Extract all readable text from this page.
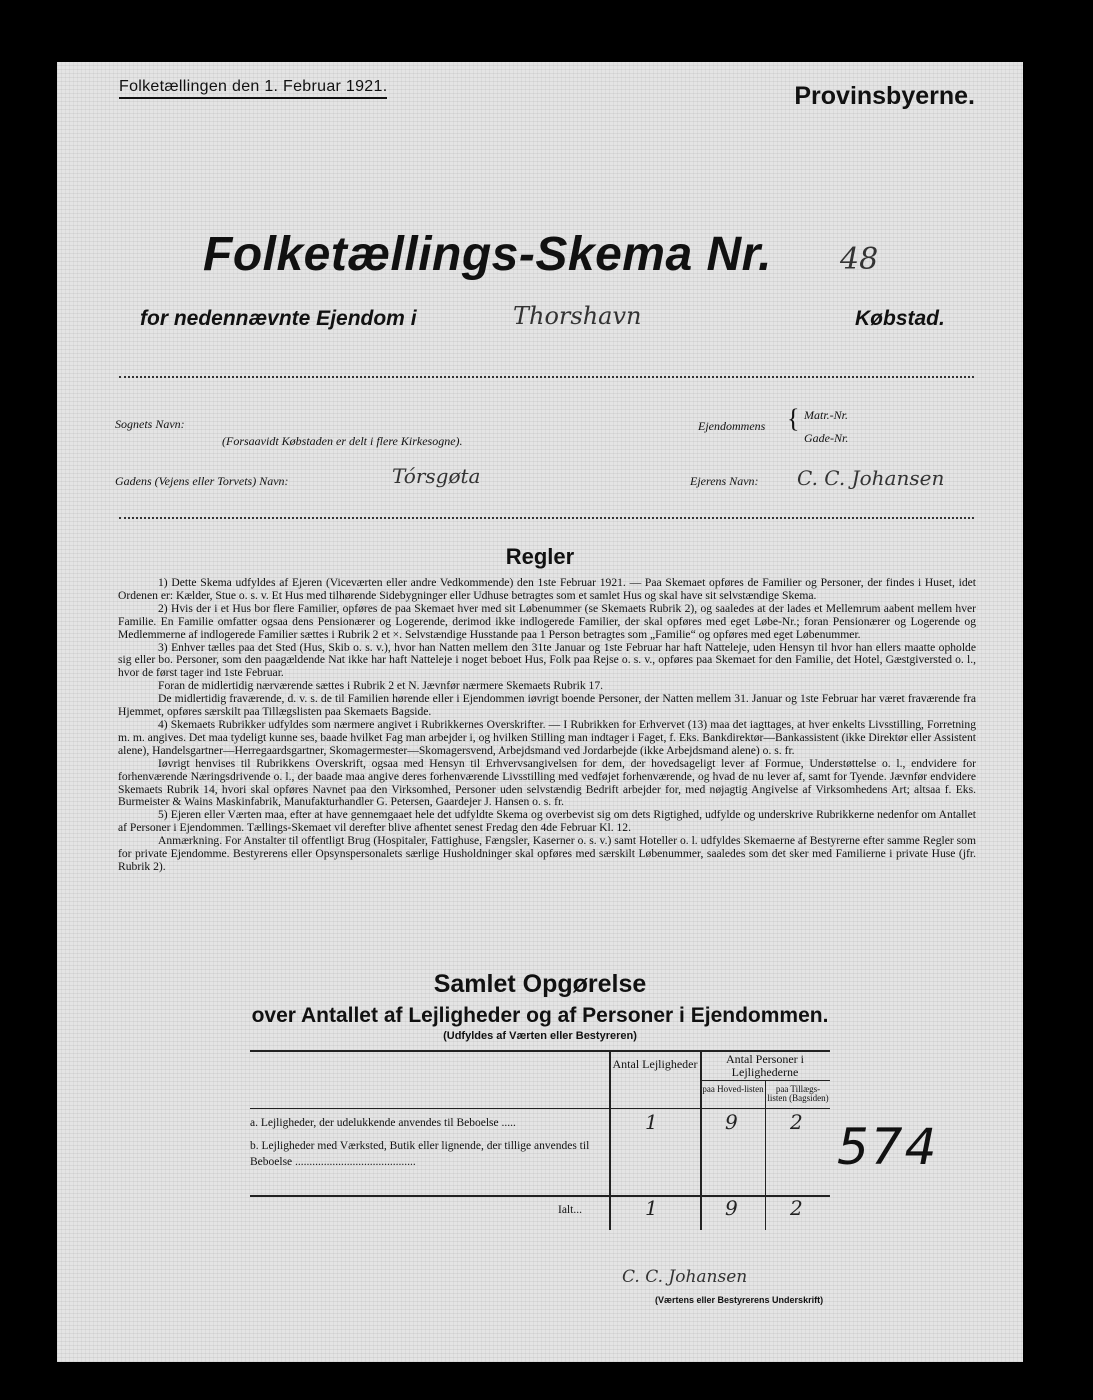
Folketællingen den 1. Februar 1921.	Provinsbyerne.
Folketællings-Skema Nr. 48
for nedennævnte Ejendom i	Thorshavn	Købstad.
Sognets Navn:
(Forsaavidt Købstaden er delt i flere Kirkesogne).
Ejendommens { Matr.-Nr.
Gade-Nr.
Gadens (Vejens eller Torvets) Navn:	Tórsgøta	Ejerens Navn: C. C. Johansen
Regler

1) Dette Skema udfyldes af Ejeren (Viceværten eller andre Vedkommende) den 1ste Februar 1921. — Paa Skemaet opføres de Familier og Personer, der findes i Huset, idet Ordenen er: Kælder, Stue o. s. v. Et Hus med tilhørende Sidebygninger eller Udhuse betragtes som et samlet Hus og skal have sit selvstændige Skema.

2) Hvis der i et Hus bor flere Familier, opføres de paa Skemaet hver med sit Løbenummer (se Skemaets Rubrik 2), og saaledes at der lades et Mellemrum aabent mellem hver Familie. En Familie omfatter ogsaa dens Pensionærer og Logerende, derimod ikke indlogerede Familier, der skal opføres med eget Løbe-Nr.; foran Pensionærer og Logerende og Medlemmerne af indlogerede Familier sættes i Rubrik 2 et ×. Selvstændige Husstande paa 1 Person betragtes som „Familie“ og opføres med eget Løbenummer.

3) Enhver tælles paa det Sted (Hus, Skib o. s. v.), hvor han Natten mellem den 31te Januar og 1ste Februar har haft Natteleje, uden Hensyn til hvor han ellers maatte opholde sig eller bo. Personer, som den paagældende Nat ikke har haft Natteleje i noget beboet Hus, Folk paa Rejse o. s. v., opføres paa Skemaet for den Familie, det Hotel, Gæstgiversted o. l., hvor de først tager ind 1ste Februar.

Foran de midlertidig nærværende sættes i Rubrik 2 et N. Jævnfør nærmere Skemaets Rubrik 17.

De midlertidig fraværende, d. v. s. de til Familien hørende eller i Ejendommen iøvrigt boende Personer, der Natten mellem 31. Januar og 1ste Februar har været fraværende fra Hjemmet, opføres særskilt paa Tillægslisten paa Skemaets Bagside.

4) Skemaets Rubrikker udfyldes som nærmere angivet i Rubrikkernes Overskrifter. — I Rubrikken for Erhvervet (13) maa det iagttages, at hver enkelts Livsstilling, Forretning m. m. angives. Det maa tydeligt kunne ses, baade hvilket Fag man arbejder i, og hvilken Stilling man indtager i Faget, f. Eks. Bankdirektør—Bankassistent (ikke Direktør eller Assistent alene), Handelsgartner—Herregaardsgartner, Skomagermester—Skomagersvend, Arbejdsmand ved Jordarbejde (ikke Arbejdsmand alene) o. s. fr.

Iøvrigt henvises til Rubrikkens Overskrift, ogsaa med Hensyn til Erhvervsangivelsen for dem, der hovedsageligt lever af Formue, Understøttelse o. l., endvidere for forhenværende Næringsdrivende o. l., der baade maa angive deres forhenværende Livsstilling med vedføjet forhenværende, og hvad de nu lever af, samt for Tyende. Jævnfør endvidere Skemaets Rubrik 14, hvori skal opføres Navnet paa den Virksomhed, Personer uden selvstændig Bedrift arbejder for, med nøjagtig Angivelse af Virksomhedens Art; altsaa f. Eks. Burmeister & Wains Maskinfabrik, Manufakturhandler G. Petersen, Gaardejer J. Hansen o. s. fr.

5) Ejeren eller Værten maa, efter at have gennemgaaet hele det udfyldte Skema og overbevist sig om dets Rigtighed, udfylde og underskrive Rubrikkerne nedenfor om Antallet af Personer i Ejendommen. Tællings-Skemaet vil derefter blive afhentet senest Fredag den 4de Februar Kl. 12.

Anmærkning. For Anstalter til offentligt Brug (Hospitaler, Fattighuse, Fængsler, Kaserner o. s. v.) samt Hoteller o. l. udfyldes Skemaerne af Bestyrerne efter samme Regler som for private Ejendomme. Bestyrerens eller Opsynspersonalets særlige Husholdninger skal opføres med særskilt Løbenummer, saaledes som det sker med Familierne i private Huse (jfr. Rubrik 2).

Samlet Opgørelse
over Antallet af Lejligheder og af Personer i Ejendommen.
(Udfyldes af Værten eller Bestyreren)
Antal Lejligheder	Antal Personer i Lejlighederne
paa Hoved-listen	paa Tillægs-listen (Bagsiden)
a. Lejligheder, der udelukkende anvendes til Beboelse .....	1	9	2
b. Lejligheder med Værksted, Butik eller lignende, der tillige anvendes til Beboelse ..........................................
Ialt...	1	9	2
574
C. C. Johansen
(Værtens eller Bestyrerens Underskrift)
